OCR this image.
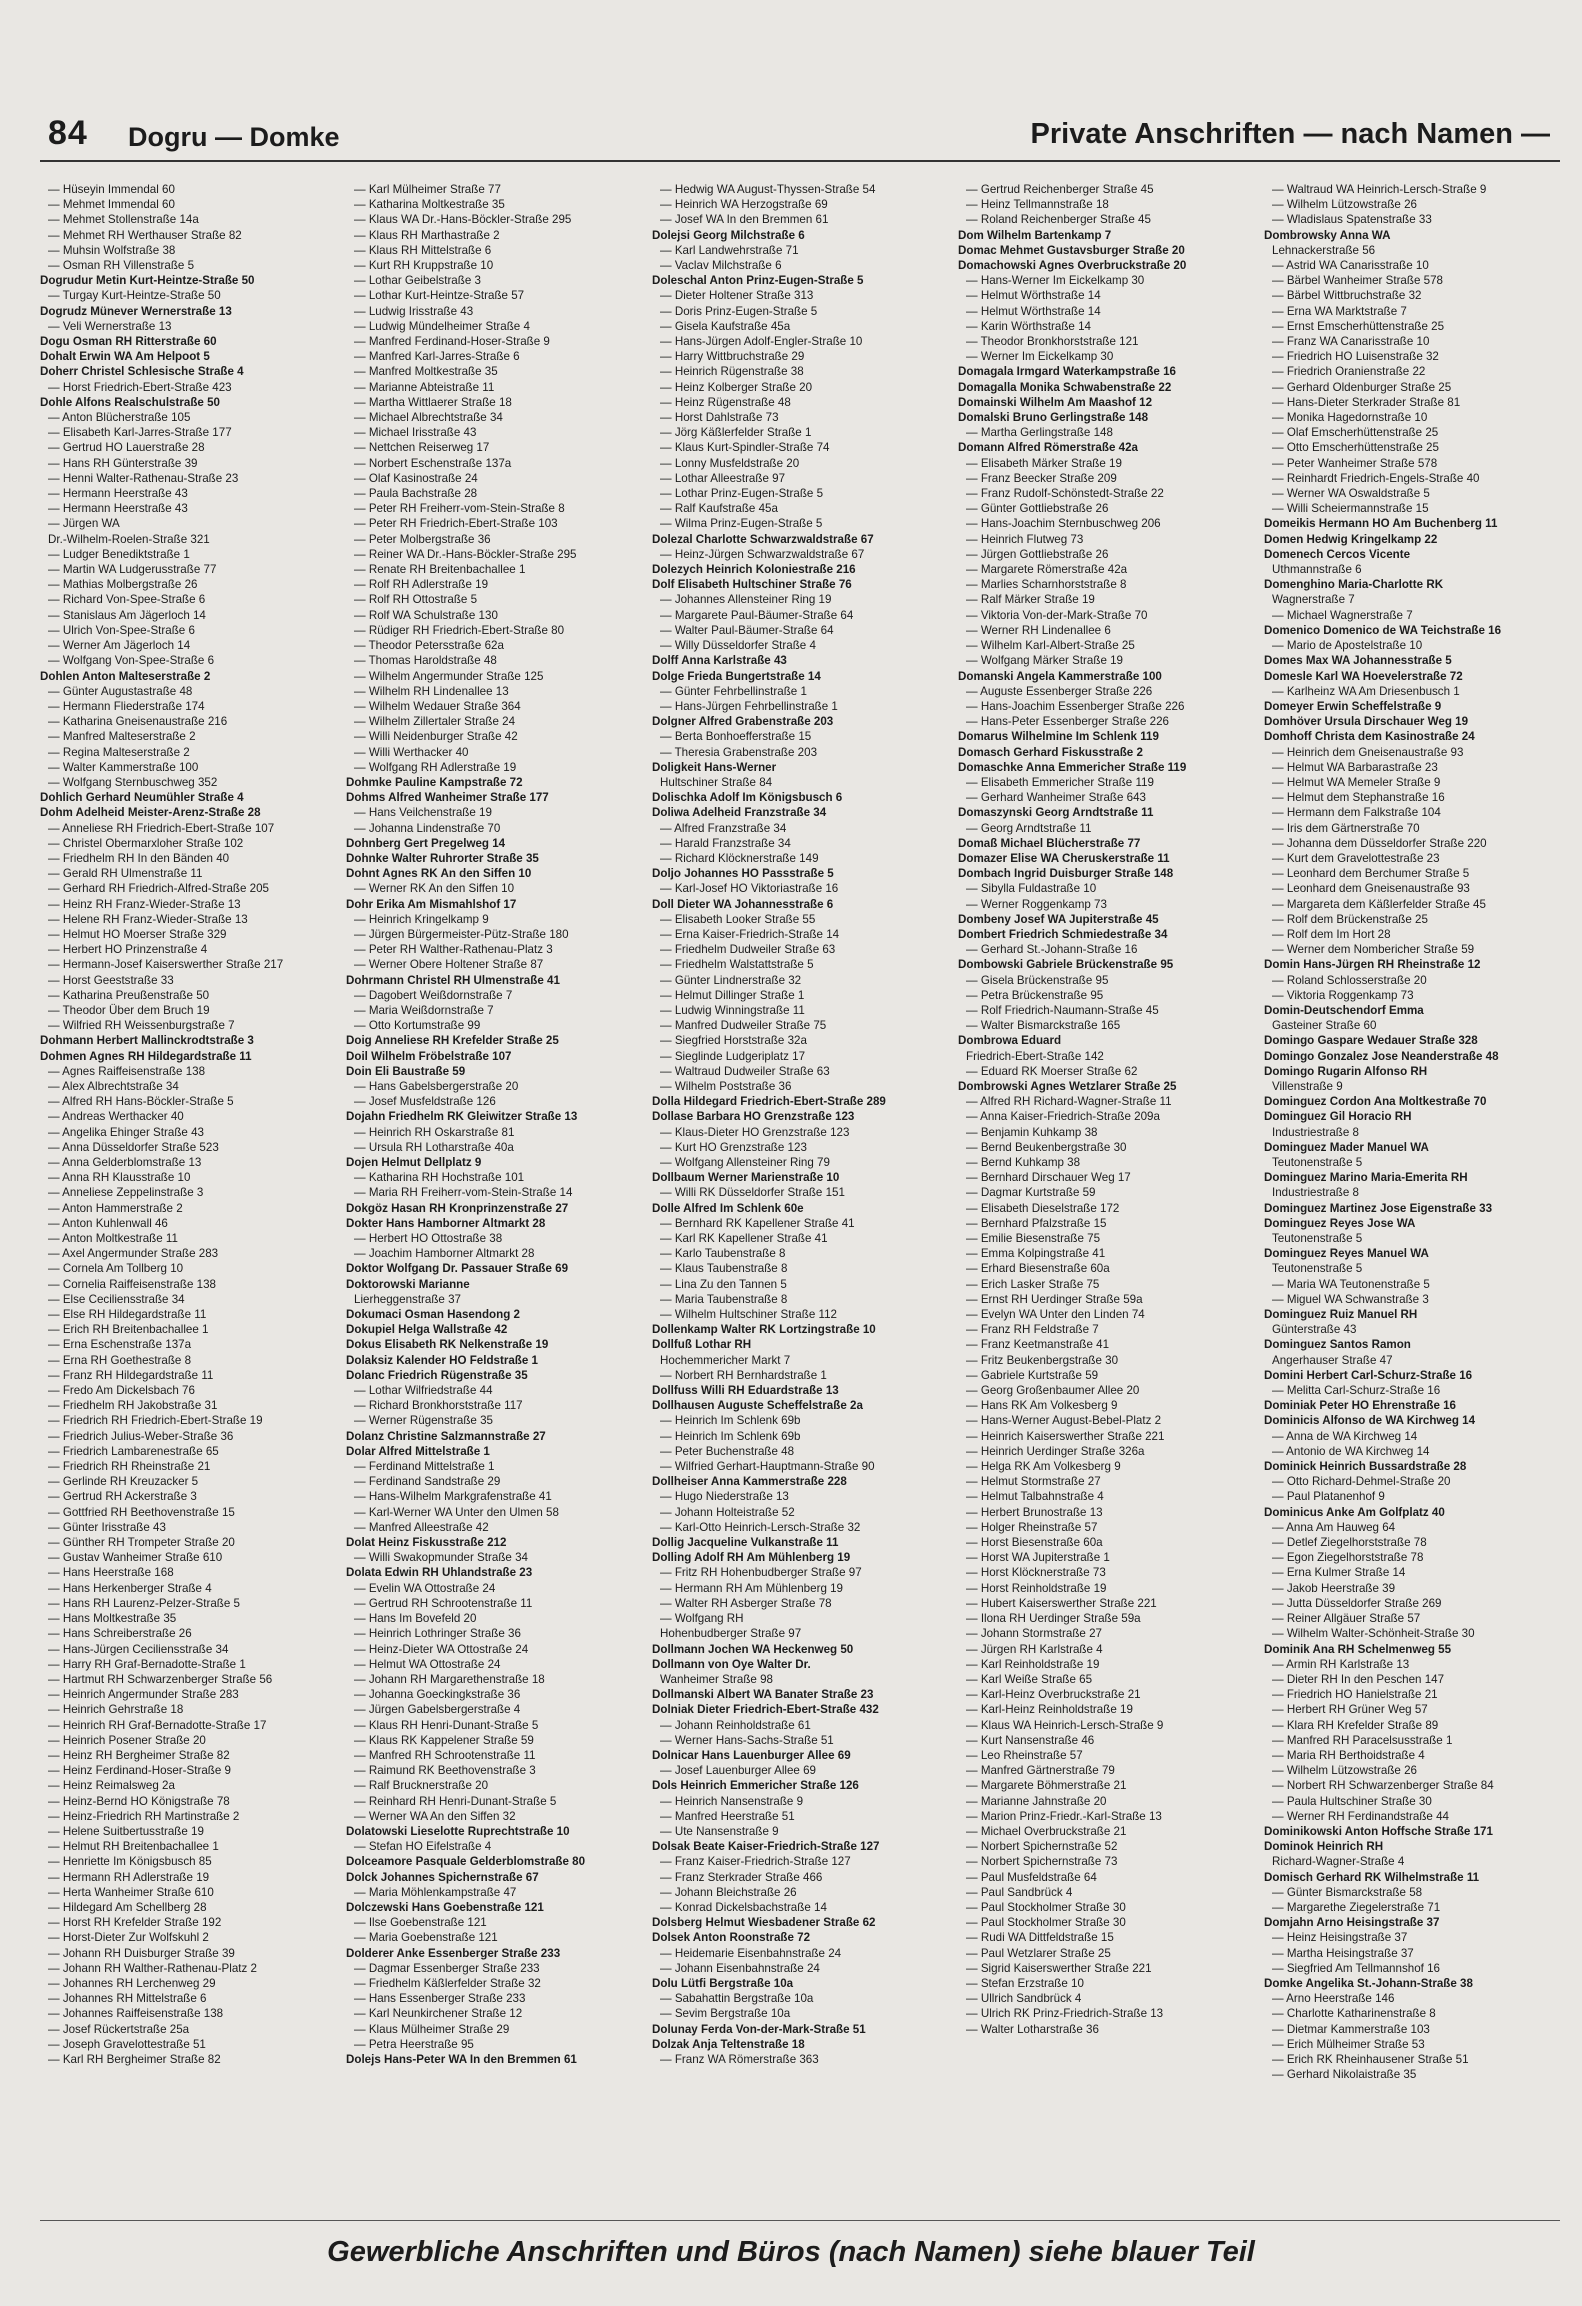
84 Dogru — Domke	Private Anschriften — nach Namen —
— Hüseyin Immendal 60
— Mehmet Immendal 60
— Mehmet Stollenstraße 14a
— Mehmet RH Werthauser Straße 82
— Muhsin Wolfstraße 38
— Osman RH Villenstraße 5
Dogrudur Metin Kurt-Heintze-Straße 50
— Turgay Kurt-Heintze-Straße 50
Dogrudz Münever Wernerstraße 13
— Veli Wernerstraße 13
Dogu Osman RH Ritterstraße 60
Dohalt Erwin WA Am Helpoot 5
Doherr Christel Schlesische Straße 4
— Horst Friedrich-Ebert-Straße 423
Dohle Alfons Realschulstraße 50
— Anton Blücherstraße 105
— Elisabeth Karl-Jarres-Straße 177
— Gertrud HO Lauerstraße 28
— Hans RH Günterstraße 39
— Henni Walter-Rathenau-Straße 23
— Hermann Heerstraße 43
— Hermann Heerstraße 43
— Jürgen WA
Dr.-Wilhelm-Roelen-Straße 321
— Ludger Benediktstraße 1
— Martin WA Ludgerusstraße 77
— Mathias Molbergstraße 26
— Richard Von-Spee-Straße 6
— Stanislaus Am Jägerloch 14
— Ulrich Von-Spee-Straße 6
— Werner Am Jägerloch 14
— Wolfgang Von-Spee-Straße 6
Dohlen Anton Malteserstraße 2
— Günter Augustastraße 48
— Hermann Fliederstraße 174
— Katharina Gneisenaustraße 216
— Manfred Malteserstraße 2
— Regina Malteserstraße 2
— Walter Kammerstraße 100
— Wolfgang Sternbuschweg 352
Dohlich Gerhard Neumühler Straße 4
Dohm Adelheid Meister-Arenz-Straße 28
— Anneliese RH Friedrich-Ebert-Straße 107
— Christel Obermarxloher Straße 102
— Friedhelm RH In den Bänden 40
— Gerald RH Ulmenstraße 11
— Gerhard RH Friedrich-Alfred-Straße 205
— Heinz RH Franz-Wieder-Straße 13
— Helene RH Franz-Wieder-Straße 13
— Helmut HO Moerser Straße 329
— Herbert HO Prinzenstraße 4
— Hermann-Josef Kaiserswerther Straße 217
— Horst Geeststraße 33
— Katharina Preußenstraße 50
— Theodor Über dem Bruch 19
— Wilfried RH Weissenburgstraße 7
Dohmann Herbert Mallinckrodtstraße 3
Dohmen Agnes RH Hildegardstraße 11
— Agnes Raiffeisenstraße 138
— Alex Albrechtstraße 34
— Alfred RH Hans-Böckler-Straße 5
— Andreas Werthacker 40
— Angelika Ehinger Straße 43
— Anna Düsseldorfer Straße 523
— Anna Gelderblomstraße 13
— Anna RH Klausstraße 10
— Anneliese Zeppelinstraße 3
— Anton Hammerstraße 2
— Anton Kuhlenwall 46
— Anton Moltkestraße 11
— Axel Angermunder Straße 283
— Cornela Am Tollberg 10
— Cornelia Raiffeisenstraße 138
— Else Ceciliensstraße 34
— Else RH Hildegardstraße 11
— Erich RH Breitenbachallee 1
— Erna Eschenstraße 137a
— Erna RH Goethestraße 8
— Franz RH Hildegardstraße 11
— Fredo Am Dickelsbach 76
— Friedhelm RH Jakobstraße 31
— Friedrich RH Friedrich-Ebert-Straße 19
— Friedrich Julius-Weber-Straße 36
— Friedrich Lambarenestraße 65
— Friedrich RH Rheinstraße 21
— Gerlinde RH Kreuzacker 5
— Gertrud RH Ackerstraße 3
— Gottfried RH Beethovenstraße 15
— Günter Irisstraße 43
— Günther RH Trompeter Straße 20
— Gustav Wanheimer Straße 610
— Hans Heerstraße 168
— Hans Herkenberger Straße 4
— Hans RH Laurenz-Pelzer-Straße 5
— Hans Moltkestraße 35
— Hans Schreiberstraße 26
— Hans-Jürgen Ceciliensstraße 34
— Harry RH Graf-Bernadotte-Straße 1
— Hartmut RH Schwarzenberger Straße 56
— Heinrich Angermunder Straße 283
— Heinrich Gehrstraße 18
— Heinrich RH Graf-Bernadotte-Straße 17
— Heinrich Posener Straße 20
— Heinz RH Bergheimer Straße 82
— Heinz Ferdinand-Hoser-Straße 9
— Heinz Reimalsweg 2a
— Heinz-Bernd HO Königstraße 78
— Heinz-Friedrich RH Martinstraße 2
— Helene Suitbertusstraße 19
— Helmut RH Breitenbachallee 1
— Henriette Im Königsbusch 85
— Hermann RH Adlerstraße 19
— Herta Wanheimer Straße 610
— Hildegard Am Schellberg 28
— Horst RH Krefelder Straße 192
— Horst-Dieter Zur Wolfskuhl 2
— Johann RH Duisburger Straße 39
— Johann RH Walther-Rathenau-Platz 2
— Johannes RH Lerchenweg 29
— Johannes RH Mittelstraße 6
— Johannes Raiffeisenstraße 138
— Josef Rückertstraße 25a
— Joseph Gravelottestraße 51
— Karl RH Bergheimer Straße 82
— Karl Mülheimer Straße 77
— Katharina Moltkestraße 35
— Klaus WA Dr.-Hans-Böckler-Straße 295
— Klaus RH Marthastraße 2
— Klaus RH Mittelstraße 6
— Kurt RH Kruppstraße 10
— Lothar Geibelstraße 3
— Lothar Kurt-Heintze-Straße 57
— Ludwig Irisstraße 43
— Ludwig Mündelheimer Straße 4
— Manfred Ferdinand-Hoser-Straße 9
— Manfred Karl-Jarres-Straße 6
— Manfred Moltkestraße 35
— Marianne Abteistraße 11
— Martha Wittlaerer Straße 18
— Michael Albrechtstraße 34
— Michael Irisstraße 43
— Nettchen Reiserweg 17
— Norbert Eschenstraße 137a
— Olaf Kasinostraße 24
— Paula Bachstraße 28
— Peter RH Freiherr-vom-Stein-Straße 8
— Peter RH Friedrich-Ebert-Straße 103
— Peter Molbergstraße 36
— Reiner WA Dr.-Hans-Böckler-Straße 295
— Renate RH Breitenbachallee 1
— Rolf RH Adlerstraße 19
— Rolf RH Ottostraße 5
— Rolf WA Schulstraße 130
— Rüdiger RH Friedrich-Ebert-Straße 80
— Theodor Petersstraße 62a
— Thomas Haroldstraße 48
— Wilhelm Angermunder Straße 125
— Wilhelm RH Lindenallee 13
— Wilhelm Wedauer Straße 364
— Wilhelm Zillertaler Straße 24
— Willi Neidenburger Straße 42
— Willi Werthacker 40
— Wolfgang RH Adlerstraße 19
Dohmke Pauline Kampstraße 72
Dohms Alfred Wanheimer Straße 177
— Hans Veilchenstraße 19
— Johanna Lindenstraße 70
Dohnberg Gert Pregelweg 14
Dohnke Walter Ruhrorter Straße 35
Dohnt Agnes RK An den Siffen 10
— Werner RK An den Siffen 10
Dohr Erika Am Mismahlshof 17
— Heinrich Kringelkamp 9
— Jürgen Bürgermeister-Pütz-Straße 180
— Peter RH Walther-Rathenau-Platz 3
— Werner Obere Holtener Straße 87
Dohrmann Christel RH Ulmenstraße 41
— Dagobert Weißdornstraße 7
— Maria Weißdornstraße 7
— Otto Kortumstraße 99
Doig Anneliese RH Krefelder Straße 25
Doil Wilhelm Fröbelstraße 107
Doin Eli Baustraße 59
— Hans Gabelsbergerstraße 20
— Josef Musfeldstraße 126
Dojahn Friedhelm RK Gleiwitzer Straße 13
— Heinrich RH Oskarstraße 81
— Ursula RH Lotharstraße 40a
Dojen Helmut Dellplatz 9
— Katharina RH Hochstraße 101
— Maria RH Freiherr-vom-Stein-Straße 14
Dokgöz Hasan RH Kronprinzenstraße 27
Dokter Hans Hamborner Altmarkt 28
— Herbert HO Ottostraße 38
— Joachim Hamborner Altmarkt 28
Doktor Wolfgang Dr. Passauer Straße 69
Doktorowski Marianne
Lierheggenstraße 37
Dokumaci Osman Hasendong 2
Dokupiel Helga Wallstraße 42
Dokus Elisabeth RK Nelkenstraße 19
Dolaksiz Kalender HO Feldstraße 1
Dolanc Friedrich Rügenstraße 35
— Lothar Wilfriedstraße 44
— Richard Bronkhorststraße 117
— Werner Rügenstraße 35
Dolanz Christine Salzmannstraße 27
Dolar Alfred Mittelstraße 1
— Ferdinand Mittelstraße 1
— Ferdinand Sandstraße 29
— Hans-Wilhelm Markgrafenstraße 41
— Karl-Werner WA Unter den Ulmen 58
— Manfred Alleestraße 42
Dolat Heinz Fiskusstraße 212
— Willi Swakopmunder Straße 34
Dolata Edwin RH Uhlandstraße 23
— Evelin WA Ottostraße 24
— Gertrud RH Schrootenstraße 11
— Hans Im Bovefeld 20
— Heinrich Lothringer Straße 36
— Heinz-Dieter WA Ottostraße 24
— Helmut WA Ottostraße 24
— Johann RH Margarethenstraße 18
— Johanna Goeckingkstraße 36
— Jürgen Gabelsbergerstraße 4
— Klaus RH Henri-Dunant-Straße 5
— Klaus RK Kappelener Straße 59
— Manfred RH Schrootenstraße 11
— Raimund RK Beethovenstraße 3
— Ralf Brucknerstraße 20
— Reinhard RH Henri-Dunant-Straße 5
— Werner WA An den Siffen 32
Dolatowski Lieselotte Ruprechtstraße 10
— Stefan HO Eifelstraße 4
Dolceamore Pasquale Gelderblomstraße 80
Dolck Johannes Spichernstraße 67
— Maria Möhlenkampstraße 47
Dolczewski Hans Goebenstraße 121
— Ilse Goebenstraße 121
— Maria Goebenstraße 121
Dolderer Anke Essenberger Straße 233
— Dagmar Essenberger Straße 233
— Friedhelm Käßlerfelder Straße 32
— Hans Essenberger Straße 233
— Karl Neunkirchener Straße 12
— Klaus Mülheimer Straße 29
— Petra Heerstraße 95
Dolejs Hans-Peter WA In den Bremmen 61
— Hedwig WA August-Thyssen-Straße 54
— Heinrich WA Herzogstraße 69
— Josef WA In den Bremmen 61
Dolejsi Georg Milchstraße 6
— Karl Landwehrstraße 71
— Vaclav Milchstraße 6
Doleschal Anton Prinz-Eugen-Straße 5
— Dieter Holtener Straße 313
— Doris Prinz-Eugen-Straße 5
— Gisela Kaufstraße 45a
— Hans-Jürgen Adolf-Engler-Straße 10
— Harry Wittbruchstraße 29
— Heinrich Rügenstraße 38
— Heinz Kolberger Straße 20
— Heinz Rügenstraße 48
— Horst Dahlstraße 73
— Jörg Käßlerfelder Straße 1
— Klaus Kurt-Spindler-Straße 74
— Lonny Musfeldstraße 20
— Lothar Alleestraße 97
— Lothar Prinz-Eugen-Straße 5
— Ralf Kaufstraße 45a
— Wilma Prinz-Eugen-Straße 5
Dolezal Charlotte Schwarzwaldstraße 67
— Heinz-Jürgen Schwarzwaldstraße 67
Dolezych Heinrich Koloniestraße 216
Dolf Elisabeth Hultschiner Straße 76
— Johannes Allensteiner Ring 19
— Margarete Paul-Bäumer-Straße 64
— Walter Paul-Bäumer-Straße 64
— Willy Düsseldorfer Straße 4
Dolff Anna Karlstraße 43
Dolge Frieda Bungertstraße 14
— Günter Fehrbellinstraße 1
— Hans-Jürgen Fehrbellinstraße 1
Dolgner Alfred Grabenstraße 203
— Berta Bonhoefferstraße 15
— Theresia Grabenstraße 203
Doligkeit Hans-Werner
Hultschiner Straße 84
Dolischka Adolf Im Königsbusch 6
Doliwa Adelheid Franzstraße 34
— Alfred Franzstraße 34
— Harald Franzstraße 34
— Richard Klöcknerstraße 149
Doljo Johannes HO Passstraße 5
— Karl-Josef HO Viktoriastraße 16
Doll Dieter WA Johannesstraße 6
— Elisabeth Looker Straße 55
— Erna Kaiser-Friedrich-Straße 14
— Friedhelm Dudweiler Straße 63
— Friedhelm Walstattstraße 5
— Günter Lindnerstraße 32
— Helmut Dillinger Straße 1
— Ludwig Winningstraße 11
— Manfred Dudweiler Straße 75
— Siegfried Horststraße 32a
— Sieglinde Ludgeriplatz 17
— Waltraud Dudweiler Straße 63
— Wilhelm Poststraße 36
Dolla Hildegard Friedrich-Ebert-Straße 289
Dollase Barbara HO Grenzstraße 123
— Klaus-Dieter HO Grenzstraße 123
— Kurt HO Grenzstraße 123
— Wolfgang Allensteiner Ring 79
Dollbaum Werner Marienstraße 10
— Willi RK Düsseldorfer Straße 151
Dolle Alfred Im Schlenk 60e
— Bernhard RK Kapellener Straße 41
— Karl RK Kapellener Straße 41
— Karlo Taubenstraße 8
— Klaus Taubenstraße 8
— Lina Zu den Tannen 5
— Maria Taubenstraße 8
— Wilhelm Hultschiner Straße 112
Dollenkamp Walter RK Lortzingstraße 10
Dollfuß Lothar RH
Hochemmericher Markt 7
— Norbert RH Bernhardstraße 1
Dollfuss Willi RH Eduardstraße 13
Dollhausen Auguste Scheffelstraße 2a
— Heinrich Im Schlenk 69b
— Heinrich Im Schlenk 69b
— Peter Buchenstraße 48
— Wilfried Gerhart-Hauptmann-Straße 90
Dollheiser Anna Kammerstraße 228
— Hugo Niederstraße 13
— Johann Holteistraße 52
— Karl-Otto Heinrich-Lersch-Straße 32
Dollig Jacqueline Vulkanstraße 11
Dolling Adolf RH Am Mühlenberg 19
— Fritz RH Hohenbudberger Straße 97
— Hermann RH Am Mühlenberg 19
— Walter RH Asberger Straße 78
— Wolfgang RH
Hohenbudberger Straße 97
Dollmann Jochen WA Heckenweg 50
Dollmann von Oye Walter Dr.
Wanheimer Straße 98
Dollmanski Albert WA Banater Straße 23
Dolniak Dieter Friedrich-Ebert-Straße 432
— Johann Reinholdstraße 61
— Werner Hans-Sachs-Straße 51
Dolnicar Hans Lauenburger Allee 69
— Josef Lauenburger Allee 69
Dols Heinrich Emmericher Straße 126
— Heinrich Nansenstraße 9
— Manfred Heerstraße 51
— Ute Nansenstraße 9
Dolsak Beate Kaiser-Friedrich-Straße 127
— Franz Kaiser-Friedrich-Straße 127
— Franz Sterkrader Straße 466
— Johann Bleichstraße 26
— Konrad Dickelsbachstraße 14
Dolsberg Helmut Wiesbadener Straße 62
Dolsek Anton Roonstraße 72
— Heidemarie Eisenbahnstraße 24
— Johann Eisenbahnstraße 24
Dolu Lütfi Bergstraße 10a
— Sabahattin Bergstraße 10a
— Sevim Bergstraße 10a
Dolunay Ferda Von-der-Mark-Straße 51
Dolzak Anja Teltenstraße 18
— Franz WA Römerstraße 363
— Gertrud Reichenberger Straße 45
— Heinz Tellmannstraße 18
— Roland Reichenberger Straße 45
Dom Wilhelm Bartenkamp 7
Domac Mehmet Gustavsburger Straße 20
Domachowski Agnes Overbruckstraße 20
— Hans-Werner Im Eickelkamp 30
— Helmut Wörthstraße 14
— Helmut Wörthstraße 14
— Karin Wörthstraße 14
— Theodor Bronkhorststraße 121
— Werner Im Eickelkamp 30
Domagala Irmgard Waterkampstraße 16
Domagalla Monika Schwabenstraße 22
Domainski Wilhelm Am Maashof 12
Domalski Bruno Gerlingstraße 148
— Martha Gerlingstraße 148
Domann Alfred Römerstraße 42a
— Elisabeth Märker Straße 19
— Franz Beecker Straße 209
— Franz Rudolf-Schönstedt-Straße 22
— Günter Gottliebstraße 26
— Hans-Joachim Sternbuschweg 206
— Heinrich Flutweg 73
— Jürgen Gottliebstraße 26
— Margarete Römerstraße 42a
— Marlies Scharnhorststraße 8
— Ralf Märker Straße 19
— Viktoria Von-der-Mark-Straße 70
— Werner RH Lindenallee 6
— Wilhelm Karl-Albert-Straße 25
— Wolfgang Märker Straße 19
Domanski Angela Kammerstraße 100
— Auguste Essenberger Straße 226
— Hans-Joachim Essenberger Straße 226
— Hans-Peter Essenberger Straße 226
Domarus Wilhelmine Im Schlenk 119
Domasch Gerhard Fiskusstraße 2
Domaschke Anna Emmericher Straße 119
— Elisabeth Emmericher Straße 119
— Gerhard Wanheimer Straße 643
Domaszynski Georg Arndtstraße 11
— Georg Arndtstraße 11
Domaß Michael Blücherstraße 77
Domazer Elise WA Cheruskerstraße 11
Dombach Ingrid Duisburger Straße 148
— Sibylla Fuldastraße 10
— Werner Roggenkamp 73
Dombeny Josef WA Jupiterstraße 45
Dombert Friedrich Schmiedestraße 34
— Gerhard St.-Johann-Straße 16
Dombowski Gabriele Brückenstraße 95
— Gisela Brückenstraße 95
— Petra Brückenstraße 95
— Rolf Friedrich-Naumann-Straße 45
— Walter Bismarckstraße 165
Dombrowa Eduard
Friedrich-Ebert-Straße 142
— Eduard RK Moerser Straße 62
Dombrowski Agnes Wetzlarer Straße 25
— Alfred RH Richard-Wagner-Straße 11
— Anna Kaiser-Friedrich-Straße 209a
— Benjamin Kuhkamp 38
— Bernd Beukenbergstraße 30
— Bernd Kuhkamp 38
— Bernhard Dirschauer Weg 17
— Dagmar Kurtstraße 59
— Elisabeth Dieselstraße 172
— Bernhard Pfalzstraße 15
— Emilie Biesenstraße 75
— Emma Kolpingstraße 41
— Erhard Biesenstraße 60a
— Erich Lasker Straße 75
— Ernst RH Uerdinger Straße 59a
— Evelyn WA Unter den Linden 74
— Franz RH Feldstraße 7
— Franz Keetmanstraße 41
— Fritz Beukenbergstraße 30
— Gabriele Kurtstraße 59
— Georg Großenbaumer Allee 20
— Hans RK Am Volkesberg 9
— Hans-Werner August-Bebel-Platz 2
— Heinrich Kaiserswerther Straße 221
— Heinrich Uerdinger Straße 326a
— Helga RK Am Volkesberg 9
— Helmut Stormstraße 27
— Helmut Talbahnstraße 4
— Herbert Brunostraße 13
— Holger Rheinstraße 57
— Horst Biesenstraße 60a
— Horst WA Jupiterstraße 1
— Horst Klöcknerstraße 73
— Horst Reinholdstraße 19
— Hubert Kaiserswerther Straße 221
— Ilona RH Uerdinger Straße 59a
— Johann Stormstraße 27
— Jürgen RH Karlstraße 4
— Karl Reinholdstraße 19
— Karl Weiße Straße 65
— Karl-Heinz Overbruckstraße 21
— Karl-Heinz Reinholdstraße 19
— Klaus WA Heinrich-Lersch-Straße 9
— Kurt Nansenstraße 46
— Leo Rheinstraße 57
— Manfred Gärtnerstraße 79
— Margarete Böhmerstraße 21
— Marianne Jahnstraße 20
— Marion Prinz-Friedr.-Karl-Straße 13
— Michael Overbruckstraße 21
— Norbert Spichernstraße 52
— Norbert Spichernstraße 73
— Paul Musfeldstraße 64
— Paul Sandbrück 4
— Paul Stockholmer Straße 30
— Paul Stockholmer Straße 30
— Rudi WA Dittfeldstraße 15
— Paul Wetzlarer Straße 25
— Sigrid Kaiserswerther Straße 221
— Stefan Erzstraße 10
— Ullrich Sandbrück 4
— Ulrich RK Prinz-Friedrich-Straße 13
— Walter Lotharstraße 36
— Waltraud WA Heinrich-Lersch-Straße 9
— Wilhelm Lützowstraße 26
— Wladislaus Spatenstraße 33
Dombrowsky Anna WA
Lehnackerstraße 56
— Astrid WA Canarisstraße 10
— Bärbel Wanheimer Straße 578
— Bärbel Wittbruchstraße 32
— Erna WA Marktstraße 7
— Ernst Emscherhüttenstraße 25
— Franz WA Canarisstraße 10
— Friedrich HO Luisenstraße 32
— Friedrich Oranienstraße 22
— Gerhard Oldenburger Straße 25
— Hans-Dieter Sterkrader Straße 81
— Monika Hagedornstraße 10
— Olaf Emscherhüttenstraße 25
— Otto Emscherhüttenstraße 25
— Peter Wanheimer Straße 578
— Reinhardt Friedrich-Engels-Straße 40
— Werner WA Oswaldstraße 5
— Willi Scheiermannstraße 15
Domeikis Hermann HO Am Buchenberg 11
Domen Hedwig Kringelkamp 22
Domenech Cercos Vicente
Uthmannstraße 6
Domenghino Maria-Charlotte RK
Wagnerstraße 7
— Michael Wagnerstraße 7
Domenico Domenico de WA Teichstraße 16
— Mario de Apostelstraße 10
Domes Max WA Johannesstraße 5
Domesle Karl WA Hoevelerstraße 72
— Karlheinz WA Am Driesenbusch 1
Domeyer Erwin Scheffelstraße 9
Domhöver Ursula Dirschauer Weg 19
Domhoff Christa dem Kasinostraße 24
— Heinrich dem Gneisenaustraße 93
— Helmut WA Barbarastraße 23
— Helmut WA Memeler Straße 9
— Helmut dem Stephanstraße 16
— Hermann dem Falkstraße 104
— Iris dem Gärtnerstraße 70
— Johanna dem Düsseldorfer Straße 220
— Kurt dem Gravelottestraße 23
— Leonhard dem Berchumer Straße 5
— Leonhard dem Gneisenaustraße 93
— Margareta dem Käßlerfelder Straße 45
— Rolf dem Brückenstraße 25
— Rolf dem Im Hort 28
— Werner dem Nombericher Straße 59
Domin Hans-Jürgen RH Rheinstraße 12
— Roland Schlosserstraße 20
— Viktoria Roggenkamp 73
Domin-Deutschendorf Emma
Gasteiner Straße 60
Domingo Gaspare Wedauer Straße 328
Domingo Gonzalez Jose Neanderstraße 48
Domingo Rugarin Alfonso RH
Villenstraße 9
Dominguez Cordon Ana Moltkestraße 70
Dominguez Gil Horacio RH
Industriestraße 8
Dominguez Mader Manuel WA
Teutonenstraße 5
Dominguez Marino Maria-Emerita RH
Industriestraße 8
Dominguez Martinez Jose Eigenstraße 33
Dominguez Reyes Jose WA
Teutonenstraße 5
Dominguez Reyes Manuel WA
Teutonenstraße 5
— Maria WA Teutonenstraße 5
— Miguel WA Schwanstraße 3
Dominguez Ruiz Manuel RH
Günterstraße 43
Dominguez Santos Ramon
Angerhauser Straße 47
Domini Herbert Carl-Schurz-Straße 16
— Melitta Carl-Schurz-Straße 16
Dominiak Peter HO Ehrenstraße 16
Dominicis Alfonso de WA Kirchweg 14
— Anna de WA Kirchweg 14
— Antonio de WA Kirchweg 14
Dominick Heinrich Bussardstraße 28
— Otto Richard-Dehmel-Straße 20
— Paul Platanenhof 9
Dominicus Anke Am Golfplatz 40
— Anna Am Hauweg 64
— Detlef Ziegelhorststraße 78
— Egon Ziegelhorststraße 78
— Erna Kulmer Straße 14
— Jakob Heerstraße 39
— Jutta Düsseldorfer Straße 269
— Reiner Allgäuer Straße 57
— Wilhelm Walter-Schönheit-Straße 30
Dominik Ana RH Schelmenweg 55
— Armin RH Karlstraße 13
— Dieter RH In den Peschen 147
— Friedrich HO Hanielstraße 21
— Herbert RH Grüner Weg 57
— Klara RH Krefelder Straße 89
— Manfred RH Paracelsusstraße 1
— Maria RH Berthoidstraße 4
— Wilhelm Lützowstraße 26
— Norbert RH Schwarzenberger Straße 84
— Paula Hultschiner Straße 30
— Werner RH Ferdinandstraße 44
Dominikowski Anton Hoffsche Straße 171
Dominok Heinrich RH
Richard-Wagner-Straße 4
Domisch Gerhard RK Wilhelmstraße 11
— Günter Bismarckstraße 58
— Margarethe Ziegelerstraße 71
Domjahn Arno Heisingstraße 37
— Heinz Heisingstraße 37
— Martha Heisingstraße 37
— Siegfried Am Tellmannshof 16
Domke Angelika St.-Johann-Straße 38
— Arno Heerstraße 146
— Charlotte Katharinenstraße 8
— Dietmar Kammerstraße 103
— Erich Mülheimer Straße 53
— Erich RK Rheinhausener Straße 51
— Gerhard Nikolaistraße 35
Gewerbliche Anschriften und Büros (nach Namen) siehe blauer Teil
